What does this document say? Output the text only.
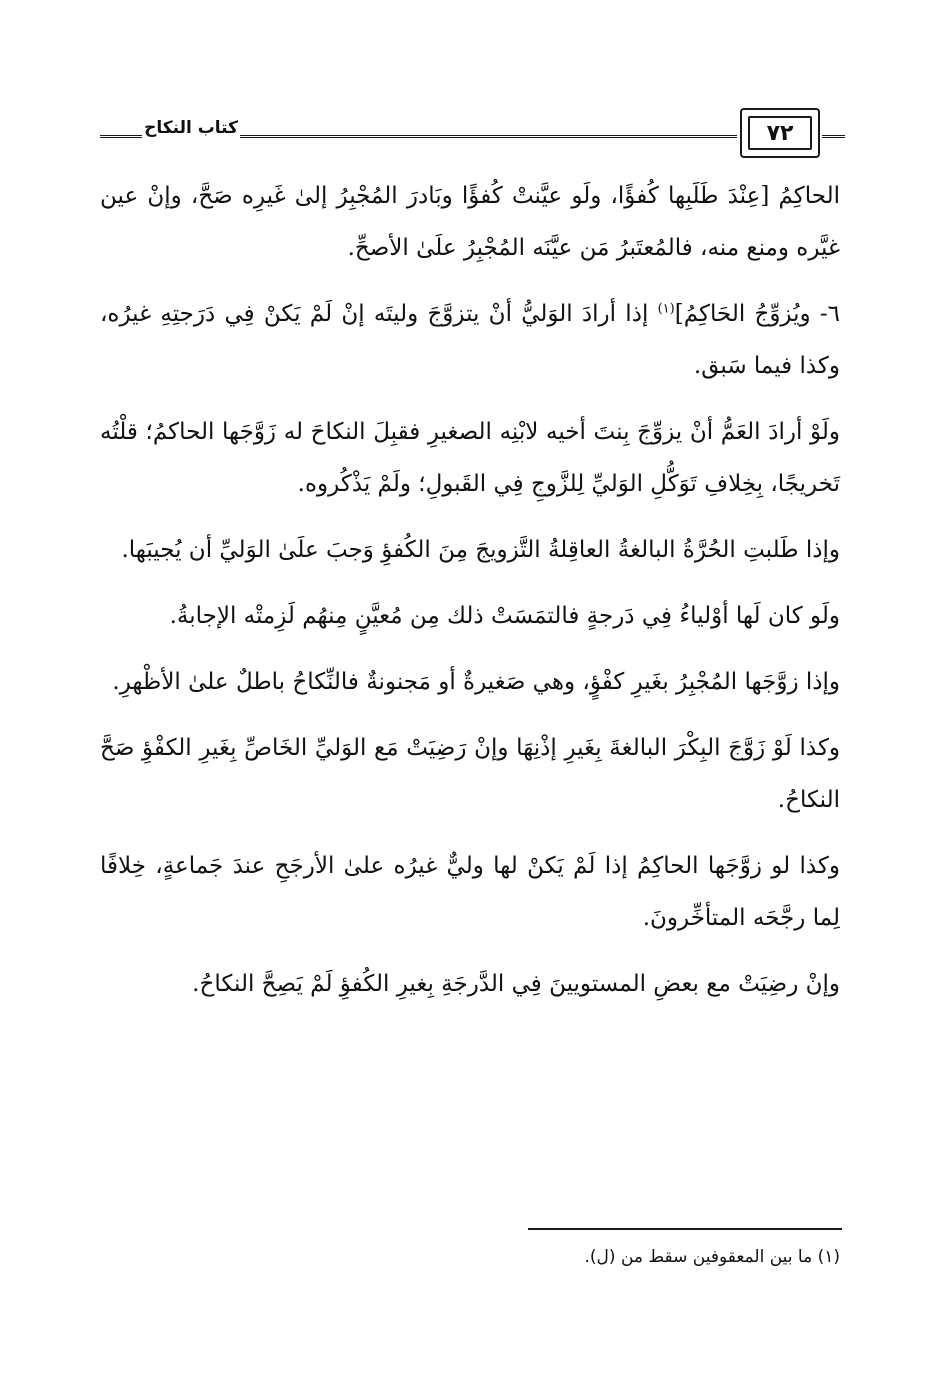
كتاب النكاح	٧٢

الحاكِمُ [عِنْدَ طَلَبِها كُفؤًا، ولَو عيَّنتْ كُفؤًا وبَادرَ المُجْبِرُ إلىٰ غَيرِه صَحَّ، وإنْ عين غيَّره ومنع منه، فالمُعتَبرُ مَن عيَّنَه المُجْبِرُ علَىٰ الأصحِّ.

٦- ويُزوِّجُ الحَاكِمُ]$^{(١)}$ إذا أرادَ الوَليُّ أنْ يتزوَّجَ وليتَه إنْ لَمْ يَكنْ فِي دَرَجتِهِ غيرُه، وكذا فيما سَبق.

ولَوْ أرادَ العَمُّ أنْ يزوِّجَ بِنتَ أخيه لابْنِه الصغيرِ فقبِلَ النكاحَ له زَوَّجَها الحاكمُ؛ قلْتُه تَخريجًا، بِخِلافِ تَوَكُّلِ الوَليِّ لِلزَّوجِ فِي القَبولِ؛ ولَمْ يَذْكُروه.

وإذا طَلبتِ الحُرَّةُ البالغةُ العاقِلةُ التَّزويجَ مِنَ الكُفؤِ وَجبَ علَىٰ الوَليِّ أن يُجيبَها.

ولَو كان لَها أوْلياءُ فِي دَرجةٍ فالتمَسَتْ ذلك مِن مُعيَّنٍ مِنهُم لَزِمتْه الإجابةُ.

وإذا زوَّجَها المُجْبِرُ بغَيرِ كفْؤٍ، وهي صَغيرةٌ أو مَجنونةٌ فالنِّكاحُ باطلٌ علىٰ الأظْهرِ.

وكذا لَوْ زَوَّجَ البِكْرَ البالغةَ بِغَيرِ إذْنِهَا وإنْ رَضِيَتْ مَع الوَليِّ الخَاصِّ بِغَيرِ الكفْؤِ صَحَّ النكاحُ.

وكذا لو زوَّجَها الحاكِمُ إذا لَمْ يَكنْ لها وليٌّ غيرُه علىٰ الأرجَحِ عندَ جَماعةٍ، خِلافًا لِما رجَّحَه المتأخِّرونَ.

وإنْ رضِيَتْ مع بعضِ المستويينَ فِي الدَّرجَةِ بِغيرِ الكُفؤِ لَمْ يَصِحَّ النكاحُ.

(١) ما بين المعقوفين سقط من (ل).
